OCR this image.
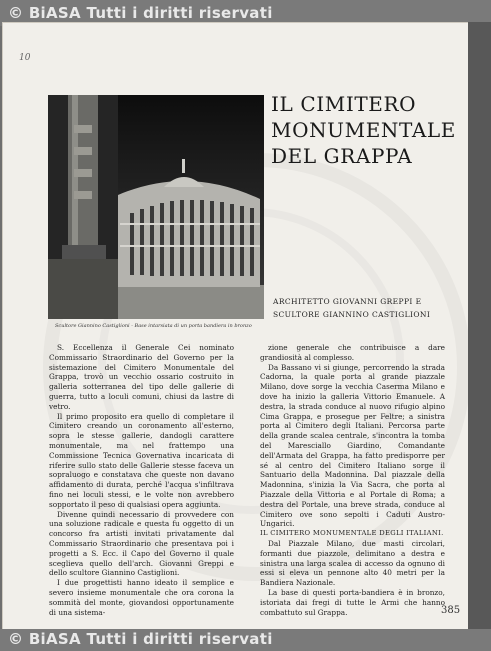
© BiASA Tutti i diritti riservati
10
Scultore Giannino Castiglioni - Base intarsiata di un porta bandiera in bronzo
IL CIMITERO
MONUMENTALE
DEL GRAPPA
ARCHITETTO GIOVANNI GREPPI E
SCULTORE GIANNINO CASTIGLIONI

S. Eccellenza il Generale Cei nominato Commissario Straordinario del Governo per la sistemazione del Cimitero Monumentale del Grappa, trovò un vecchio ossario costruito in galleria sotterranea del tipo delle gallerie di guerra, tutto a loculi comuni, chiusi da lastre di vetro.

Il primo proposito era quello di completare il Cimitero creando un coronamento all'esterno, sopra le stesse gallerie, dandogli carattere monumentale, ma nel frattempo una Commissione Tecnica Governativa incaricata di riferire sullo stato delle Gallerie stesse faceva un sopraluogo e constatava che queste non davano affidamento di durata, perché l'acqua s'infiltrava fino nei loculi stessi, e le volte non avrebbero sopportato il peso di qualsiasi opera aggiunta.

Divenne quindi necessario di provvedere con una soluzione radicale e questa fu oggetto di un concorso fra artisti invitati privatamente dal Commissario Straordinario che presentava poi i progetti a S. Ecc. il Capo del Governo il quale sceglieva quello dell'arch. Giovanni Greppi e dello scultore Giannino Castiglioni.

I due progettisti hanno ideato il semplice e severo insieme monumentale che ora corona la sommità del monte, giovandosi opportunamente di una sistema-

zione generale che contribuisce a dare grandiosità al complesso.

Da Bassano vi si giunge, percorrendo la strada Cadorna, la quale porta al grande piazzale Milano, dove sorge la vecchia Caserma Milano e dove ha inizio la galleria Vittorio Emanuele. A destra, la strada conduce al nuovo rifugio alpino Cima Grappa, e prosegue per Feltre; a sinistra porta al Cimitero degli Italiani. Percorsa parte della grande scalea centrale, s'incontra la tomba del Maresciallo Giardino, Comandante dell'Armata del Grappa, ha fatto predisporre per sé al centro del Cimitero Italiano sorge il Santuario della Madonnina. Dal piazzale della Madonnina, s'inizia la Via Sacra, che porta al Piazzale della Vittoria e al Portale di Roma; a destra del Portale, una breve strada, conduce al Cimitero ove sono sepolti i Caduti Austro-Ungarici.

IL CIMITERO MONUMENTALE DEGLI ITALIANI.

Dal Piazzale Milano, due masti circolari, formanti due piazzole, delimitano a destra e sinistra una larga scalea di accesso da ognuno di essi si eleva un pennone alto 40 metri per la Bandiera Nazionale.

La base di questi porta-bandiera è in bronzo, istoriata dai fregi di tutte le Armi che hanno combattuto sul Grappa.	385
© BiASA Tutti i diritti riservati
